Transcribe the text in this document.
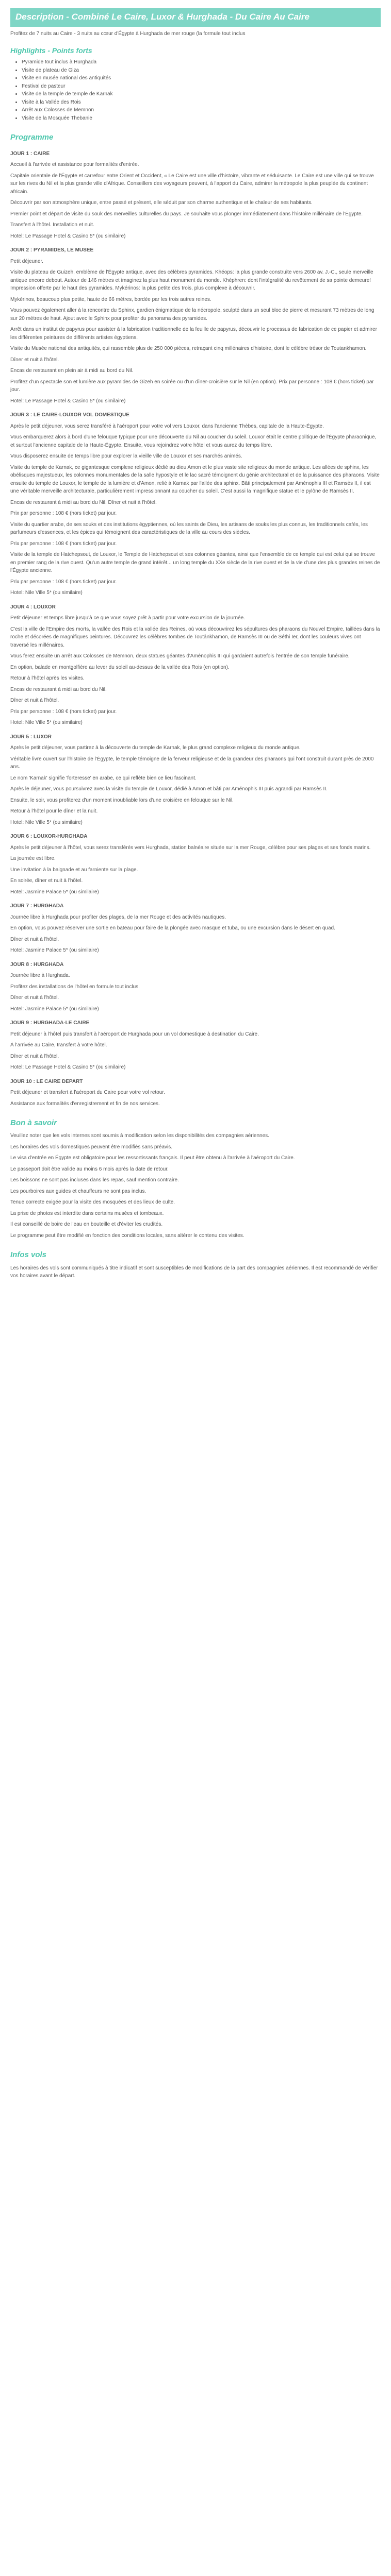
Description - Combiné Le Caire, Luxor & Hurghada - Du Caire Au Caire
Profitez de 7 nuits au Caire - 3 nuits au cœur d'Égypte à Hurghada de mer rouge (la formule tout inclus
Highlights - Points forts
• Pyramide tout inclus à Hurghada
• Visite de plateau de Giza
• Visite en musée national des antiquités
• Festival de pasteur
• Visite de la temple de temple de Karnak
• Visite à la Vallée des Rois
• Arrêt aux Colosses de Memnon
• Visite de la Mosquée Thebanie
Programme
JOUR 1 : CAIRE
Accueil à l'arrivée et assistance pour formalités d'entrée.
Capitale orientale de l'Égypte et carrefour entre Orient et Occident, « Le Caire est une ville d'histoire, vibrante et séduisante. Le Caire est une ville qui se trouve sur les rives du Nil et la plus grande ville d'Afrique. Conseillers des voyageurs peuvent, à l'apport du Caire, admirer la métropole la plus peuplée du continent africain.
Découvrir par son atmosphère unique, entre passé et présent, elle séduit par son charme authentique et le chaleur de ses habitants.
Premier point et départ de visite du souk des merveilles culturelles du pays. Je souhaite vous plonger immédiatement dans l'histoire millénaire de l'Égypte.
Transfert à l'hôtel. Installation et nuit.
Hotel: Le Passage Hotel & Casino 5* (ou similaire)
JOUR 2 : PYRAMIDES, LE MUSEE
Petit déjeuner.
Visite du plateau de Guizeh, emblème de l'Égypte antique, avec des célèbres pyramides. Khéops: la plus grande construite vers 2600 av. J.-C., seule merveille antique encore debout. Autour de 146 mètres et imaginez la plus haut monument du monde. Khéphren: dont l'intégralité du revêtement de sa pointe demeure! Impression offerte par le haut des pyramides. Mykérinos: la plus petite des trois, plus complexe à découvrir.
Mykérinos, beaucoup plus petite, haute de 66 mètres, bordée par les trois autres reines.
Vous pouvez également aller à la rencontre du Sphinx, gardien énigmatique de la nécropole, sculpté dans un seul bloc de pierre et mesurant 73 mètres de long sur 20 mètres de haut. Ajout avec le Sphinx pour profiter du panorama des pyramides.
Arrêt dans un institut de papyrus pour assister à la fabrication traditionnelle de la feuille de papyrus, découvrir le processus de fabrication de ce papier et admirer les différentes peintures de différents artistes égyptiens.
Visite du Musée national des antiquités, qui rassemble plus de 250 000 pièces, retraçant cinq millénaires d'histoire, dont le célèbre trésor de Toutankhamon.
Dîner et nuit à l'hôtel.
Encas de restaurant en plein air à midi au bord du Nil.
Profitez d'un spectacle son et lumière aux pyramides de Gizeh en soirée ou d'un dîner-croisière sur le Nil (en option). Prix par personne : 108 € (hors ticket) par jour.
Hotel: Le Passage Hotel & Casino 5* (ou similaire)
JOUR 3 : LE CAIRE-LOUXOR VOL DOMESTIQUE
Après le petit déjeuner, vous serez transféré à l'aéroport pour votre vol vers Louxor, dans l'ancienne Thèbes, capitale de la Haute-Égypte.
Vous embarquerez alors à bord d'une felouque typique pour une découverte du Nil au coucher du soleil. Louxor était le centre politique de l'Égypte pharaonique, et surtout l'ancienne capitale de la Haute-Égypte. Ensuite, vous rejoindrez votre hôtel et vous aurez du temps libre.
Vous disposerez ensuite de temps libre pour explorer la vieille ville de Louxor et ses marchés animés.
Visite du temple de Karnak, ce gigantesque complexe religieux dédié au dieu Amon et le plus vaste site religieux du monde antique. Les allées de sphinx, les obélisques majestueux, les colonnes monumentales de la salle hypostyle et le lac sacré témoignent du génie architectural et de la puissance des pharaons. Visite ensuite du temple de Louxor, le temple de la lumière et d'Amon, relié à Karnak par l'allée des sphinx. Bâti principalement par Aménophis III et Ramsès II, il est une véritable merveille architecturale, particulièrement impressionnant au coucher du soleil. C'est aussi la magnifique statue et le pylône de Ramsès II.
Encas de restaurant à midi au bord du Nil. Dîner et nuit à l'hôtel.
Prix par personne : 108 € (hors ticket) par jour.
Visite du quartier arabe, de ses souks et des institutions égyptiennes, où les saints de Dieu, les artisans de souks les plus connus, les traditionnels cafés, les parfumeurs d'essences, et les épices qui témoignent des caractéristiques de la ville au cours des siècles.
Prix par personne : 108 € (hors ticket) par jour.
Visite de la temple de Hatchepsout, de Louxor, le Temple de Hatchepsout et ses colonnes géantes, ainsi que l'ensemble de ce temple qui est celui qui se trouve en premier rang de la rive ouest. Qu'un autre temple de grand intérêt... un long temple du XXe siècle de la rive ouest et de la vie d'une des plus grandes reines de l'Égypte ancienne.
Prix par personne : 108 € (hors ticket) par jour.
Hotel: Nile Ville 5* (ou similaire)
JOUR 4 : LOUXOR
Petit déjeuner et temps libre jusqu'à ce que vous soyez prêt à partir pour votre excursion de la journée.
C'est la ville de l'Empire des morts, la vallée des Rois et la vallée des Reines, où vous découvrirez les sépultures des pharaons du Nouvel Empire, taillées dans la roche et décorées de magnifiques peintures. Découvrez les célèbres tombes de Toutânkhamon, de Ramsès III ou de Séthi Ier, dont les couleurs vives ont traversé les millénaires.
Vous ferez ensuite un arrêt aux Colosses de Memnon, deux statues géantes d'Aménophis III qui gardaient autrefois l'entrée de son temple funéraire.
En option, balade en montgolfière au lever du soleil au-dessus de la vallée des Rois (en option).
Retour à l'hôtel après les visites.
Encas de restaurant à midi au bord du Nil.
Dîner et nuit à l'hôtel.
Prix par personne : 108 € (hors ticket) par jour.
Hotel: Nile Ville 5* (ou similaire)
JOUR 5 : LUXOR
Après le petit déjeuner, vous partirez à la découverte du temple de Karnak, le plus grand complexe religieux du monde antique.
Véritable livre ouvert sur l'histoire de l'Égypte, le temple témoigne de la ferveur religieuse et de la grandeur des pharaons qui l'ont construit durant près de 2000 ans.
Le nom 'Karnak' signifie 'forteresse' en arabe, ce qui reflète bien ce lieu fascinant.
Après le déjeuner, vous poursuivrez avec la visite du temple de Louxor, dédié à Amon et bâti par Aménophis III puis agrandi par Ramsès II.
Ensuite, le soir, vous profiterez d'un moment inoubliable lors d'une croisière en felouque sur le Nil.
Retour à l'hôtel pour le dîner et la nuit.
Hotel: Nile Ville 5* (ou similaire)
JOUR 6 : LOUXOR-HURGHADA
Après le petit déjeuner à l'hôtel, vous serez transférés vers Hurghada, station balnéaire située sur la mer Rouge, célèbre pour ses plages et ses fonds marins.
La journée est libre.
Une invitation à la baignade et au farniente sur la plage.
En soirée, dîner et nuit à l'hôtel.
Hotel: Jasmine Palace 5* (ou similaire)
JOUR 7 : HURGHADA
Journée libre à Hurghada pour profiter des plages, de la mer Rouge et des activités nautiques.
En option, vous pouvez réserver une sortie en bateau pour faire de la plongée avec masque et tuba, ou une excursion dans le désert en quad.
Dîner et nuit à l'hôtel.
Hotel: Jasmine Palace 5* (ou similaire)
JOUR 8 : HURGHADA
Journée libre à Hurghada.
Profitez des installations de l'hôtel en formule tout inclus.
Dîner et nuit à l'hôtel.
Hotel: Jasmine Palace 5* (ou similaire)
JOUR 9 : HURGHADA-LE CAIRE
Petit déjeuner à l'hôtel puis transfert à l'aéroport de Hurghada pour un vol domestique à destination du Caire.
À l'arrivée au Caire, transfert à votre hôtel.
Dîner et nuit à l'hôtel.
Hotel: Le Passage Hotel & Casino 5* (ou similaire)
JOUR 10 : LE CAIRE DEPART
Petit déjeuner et transfert à l'aéroport du Caire pour votre vol retour.
Assistance aux formalités d'enregistrement et fin de nos services.
Bon à savoir
Veuillez noter que les vols internes sont soumis à modification selon les disponibilités des compagnies aériennes.
Les horaires des vols domestiques peuvent être modifiés sans préavis.
Le visa d'entrée en Égypte est obligatoire pour les ressortissants français. Il peut être obtenu à l'arrivée à l'aéroport du Caire.
Le passeport doit être valide au moins 6 mois après la date de retour.
Les boissons ne sont pas incluses dans les repas, sauf mention contraire.
Les pourboires aux guides et chauffeurs ne sont pas inclus.
Tenue correcte exigée pour la visite des mosquées et des lieux de culte.
La prise de photos est interdite dans certains musées et tombeaux.
Il est conseillé de boire de l'eau en bouteille et d'éviter les crudités.
Le programme peut être modifié en fonction des conditions locales, sans altérer le contenu des visites.
Infos vols
Les horaires des vols sont communiqués à titre indicatif et sont susceptibles de modifications de la part des compagnies aériennes. Il est recommandé de vérifier vos horaires avant le départ.
